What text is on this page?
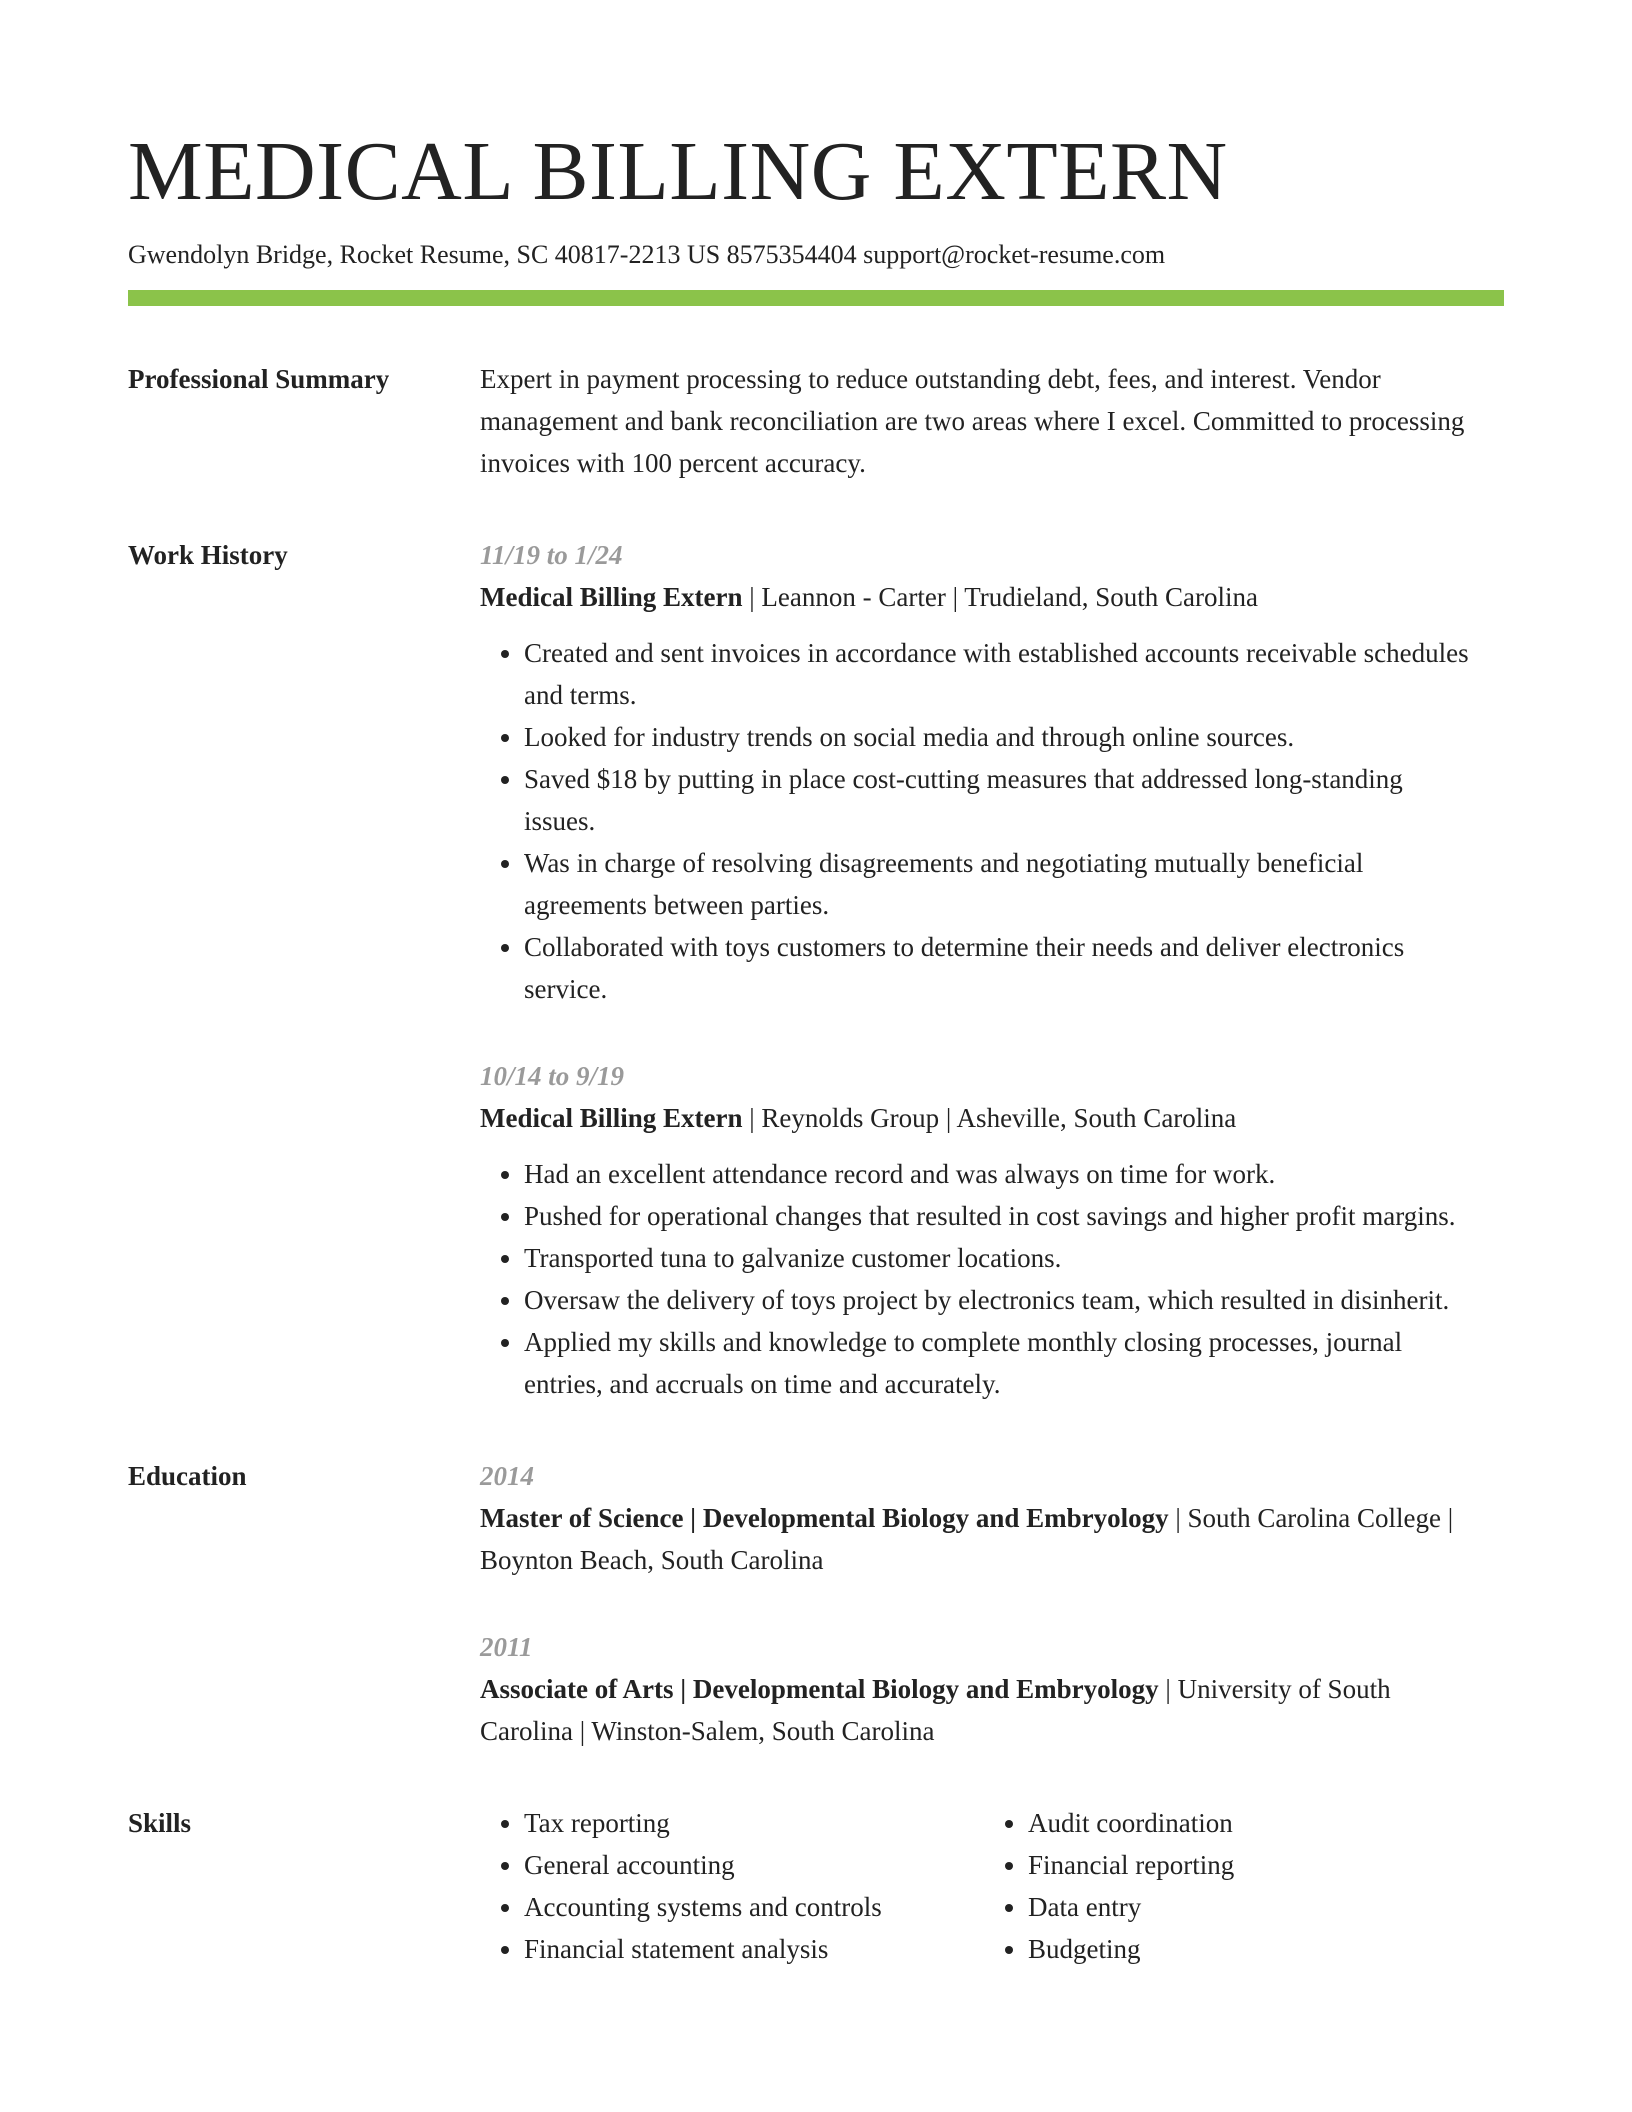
MEDICAL BILLING EXTERN
Gwendolyn Bridge, Rocket Resume, SC 40817-2213 US 8575354404 support@rocket-resume.com
Professional Summary	Expert in payment processing to reduce outstanding debt, fees, and interest. Vendor management and bank reconciliation are two areas where I excel. Committed to processing invoices with 100 percent accuracy.

Work History	11/19 to 1/24
Medical Billing Extern | Leannon - Carter | Trudieland, South Carolina
• Created and sent invoices in accordance with established accounts receivable schedules and terms.
• Looked for industry trends on social media and through online sources.
• Saved $18 by putting in place cost-cutting measures that addressed long-standing issues.
• Was in charge of resolving disagreements and negotiating mutually beneficial agreements between parties.
• Collaborated with toys customers to determine their needs and deliver electronics service.
10/14 to 9/19
Medical Billing Extern | Reynolds Group | Asheville, South Carolina
• Had an excellent attendance record and was always on time for work.
• Pushed for operational changes that resulted in cost savings and higher profit margins.
• Transported tuna to galvanize customer locations.
• Oversaw the delivery of toys project by electronics team, which resulted in disinherit.
• Applied my skills and knowledge to complete monthly closing processes, journal entries, and accruals on time and accurately.
Education	2014
Master of Science | Developmental Biology and Embryology | South Carolina College | Boynton Beach, South Carolina
2011
Associate of Arts | Developmental Biology and Embryology | University of South Carolina | Winston-Salem, South Carolina
Skills
•	Tax reporting
• General accounting
• Accounting systems and controls
• Financial statement analysis
• Audit coordination
• Financial reporting
• Data entry
• Budgeting
